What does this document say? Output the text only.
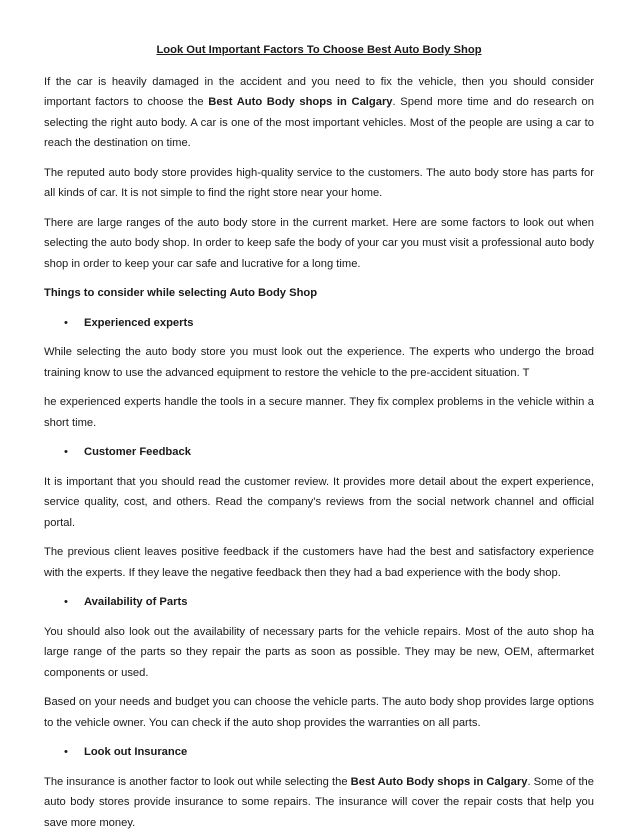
Look Out Important Factors To Choose Best Auto Body Shop

If the car is heavily damaged in the accident and you need to fix the vehicle, then you should consider important factors to choose the Best Auto Body shops in Calgary. Spend more time and do research on selecting the right auto body. A car is one of the most important vehicles. Most of the people are using a car to reach the destination on time.

The reputed auto body store provides high-quality service to the customers. The auto body store has parts for all kinds of car. It is not simple to find the right store near your home.

There are large ranges of the auto body store in the current market. Here are some factors to look out when selecting the auto body shop. In order to keep safe the body of your car you must visit a professional auto body shop in order to keep your car safe and lucrative for a long time.

Things to consider while selecting Auto Body Shop

•	Experienced experts

While selecting the auto body store you must look out the experience. The experts who undergo the broad training know to use the advanced equipment to restore the vehicle to the pre-accident situation. T

he experienced experts handle the tools in a secure manner. They fix complex problems in the vehicle within a short time.

•	Customer Feedback

It is important that you should read the customer review. It provides more detail about the expert experience, service quality, cost, and others. Read the company’s reviews from the social network channel and official portal.

The previous client leaves positive feedback if the customers have had the best and satisfactory experience with the experts. If they leave the negative feedback then they had a bad experience with the body shop.

•	Availability of Parts

You should also look out the availability of necessary parts for the vehicle repairs. Most of the auto shop ha large range of the parts so they repair the parts as soon as possible. They may be new, OEM, aftermarket components or used.

Based on your needs and budget you can choose the vehicle parts. The auto body shop provides large options to the vehicle owner. You can check if the auto shop provides the warranties on all parts.

•	Look out Insurance

The insurance is another factor to look out while selecting the Best Auto Body shops in Calgary. Some of the auto body stores provide insurance to some repairs. The insurance will cover the repair costs that help you save more money.
